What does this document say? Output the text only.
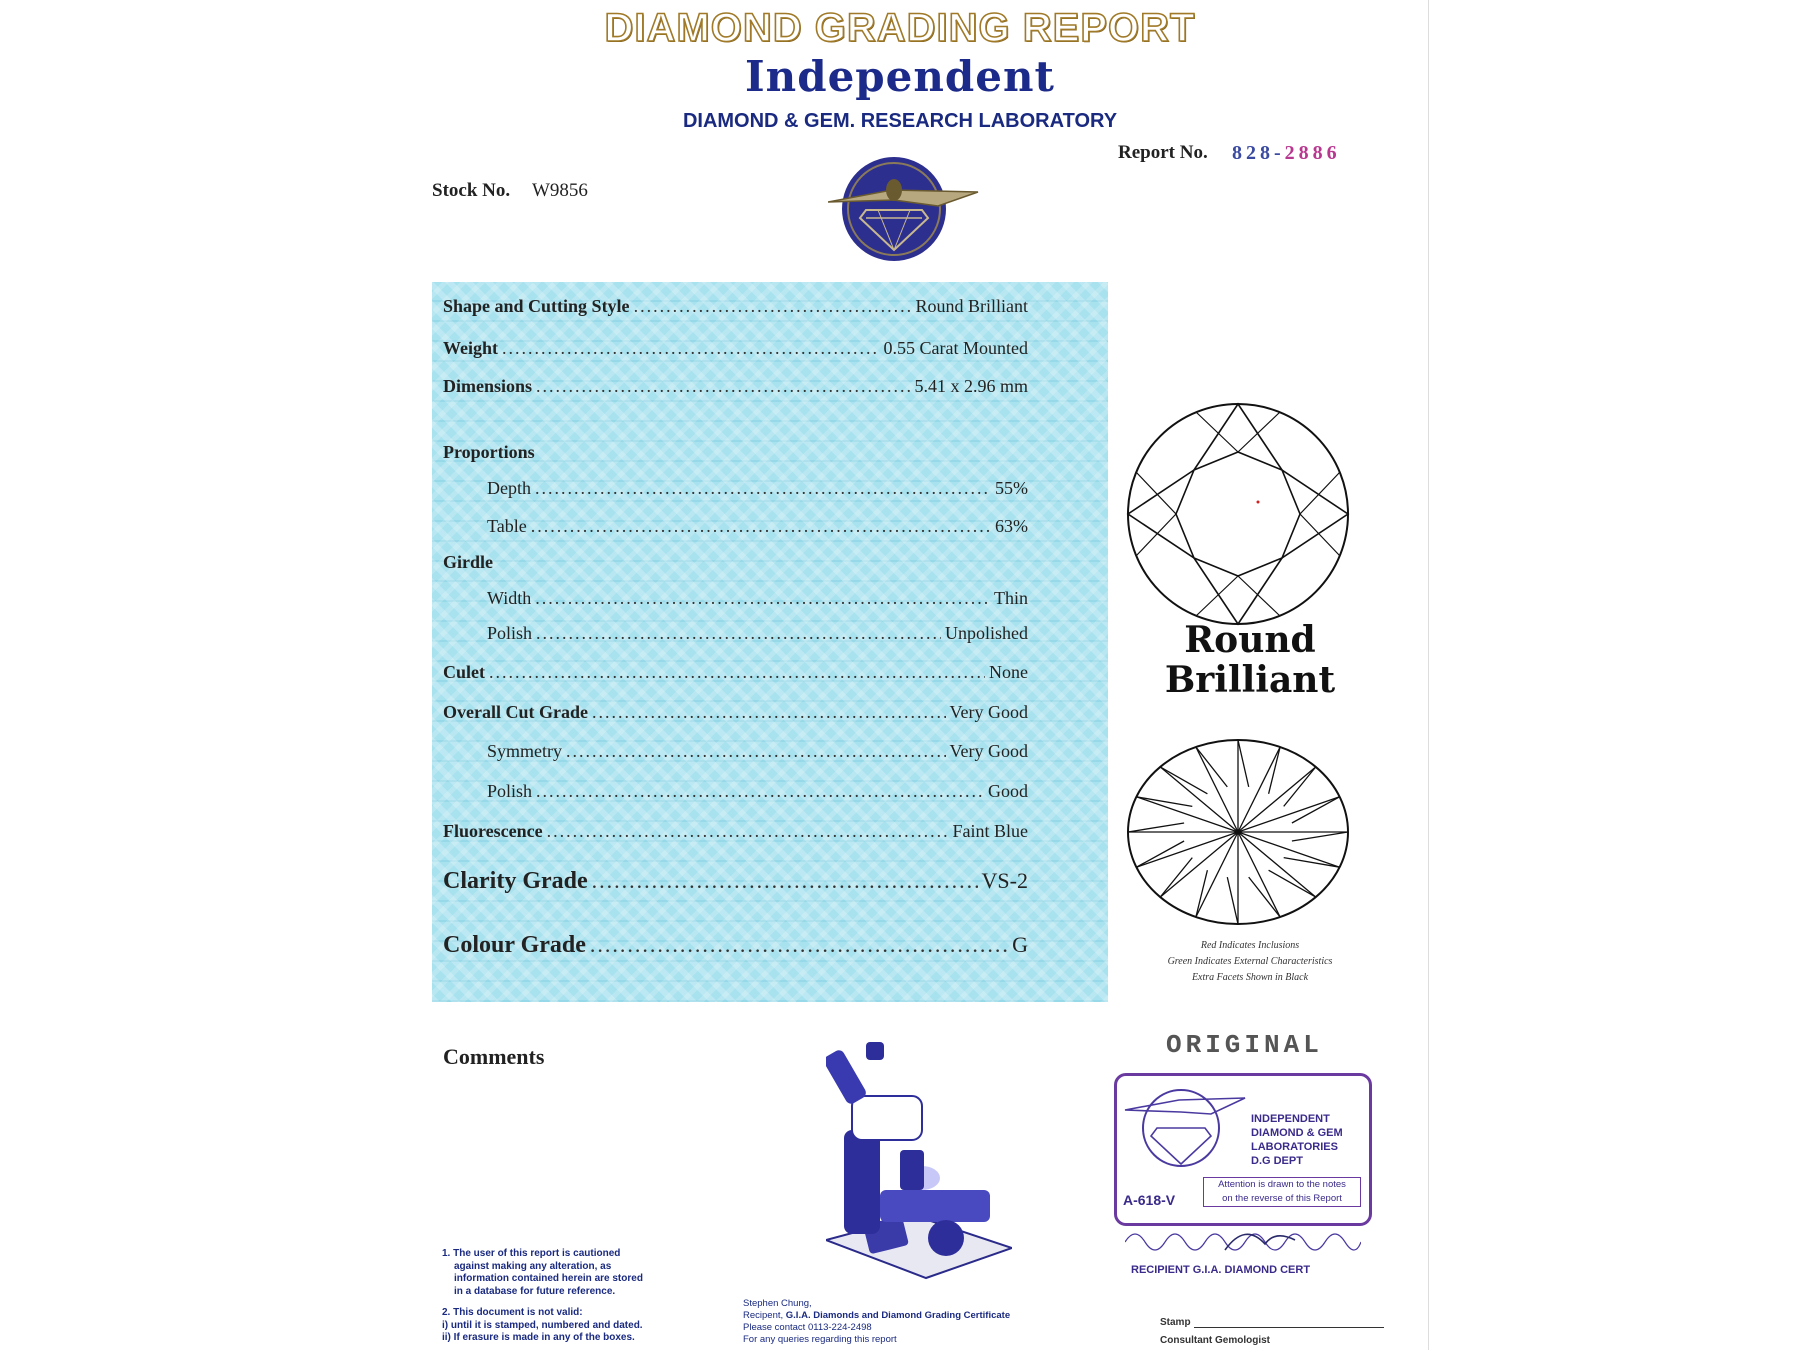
DIAMOND GRADING REPORT
Independent
DIAMOND & GEM. RESEARCH LABORATORY
Report No. 828-2886
Stock No. W9856
Shape and Cutting Style .....	Round Brilliant
Weight .....	0.55 Carat Mounted
Dimensions .....	5.41 x 2.96 mm
Proportions
Depth .....	55%
Table .....	63%
Girdle
Width .....	Thin
Polish .....	Unpolished
Culet .....	None
Overall Cut Grade .....	Very Good
Symmetry .....	Very Good
Polish .....	Good
Fluorescence .....	Faint Blue
Clarity Grade .....	VS-2
Colour Grade .....	G
Round
Brilliant
Red Indicates Inclusions
Green Indicates External Characteristics
Extra Facets Shown in Black
Comments	ORIGINAL
INDEPENDENT
DIAMOND & GEM
LABORATORIES
D.G DEPT
A-618-V
Attention is drawn to the notes
on the reverse of this Report
RECIPIENT G.I.A. DIAMOND CERT

1. The user of this report is cautioned

against making any alteration, as

information contained herein are stored

in a database for future reference.

2. This document is not valid:

i) until it is stamped, numbered and dated.

ii) If erasure is made in any of the boxes.

Stephen Chung,
Recipent, G.I.A. Diamonds and Diamond Grading Certificate
Please contact 0113-224-2498
For any queries regarding this report
Stamp
Consultant Gemologist
